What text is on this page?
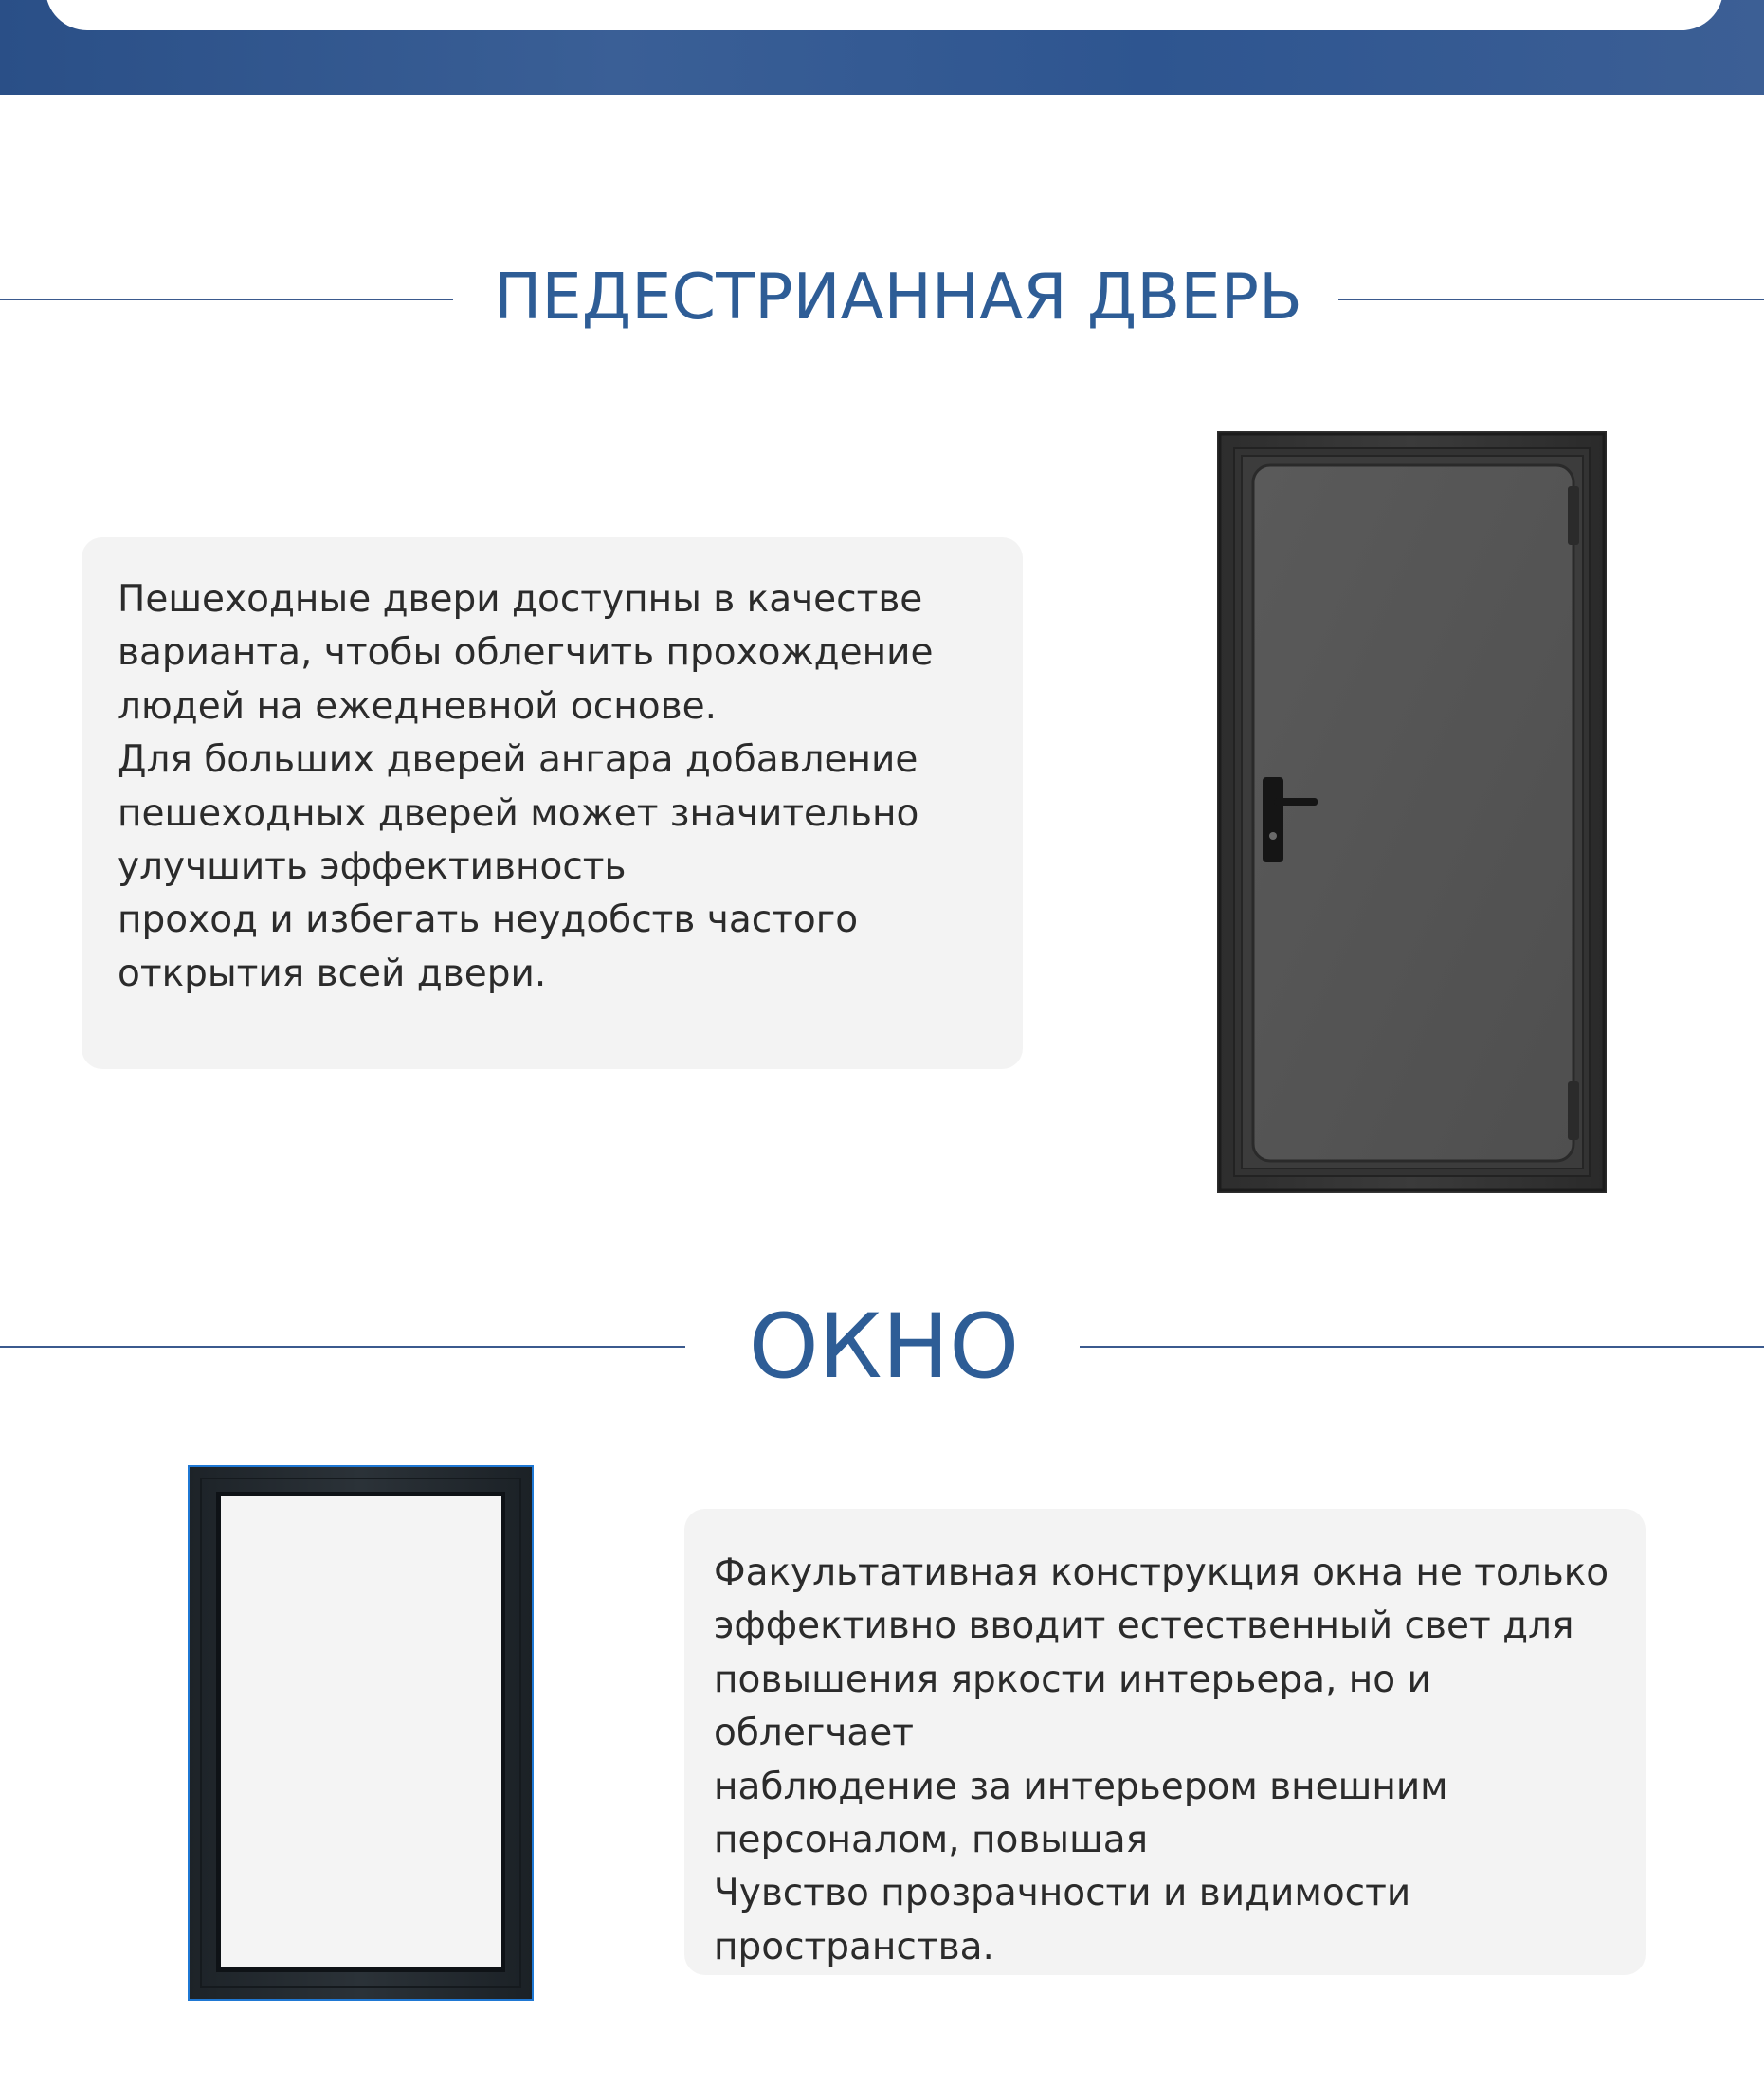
ПЕДЕСТРИАННАЯ ДВЕРЬ

Пешеходные двери доступны в качестве
варианта, чтобы облегчить прохождение
людей на ежедневной основе.
Для больших дверей ангара добавление
пешеходных дверей может значительно
улучшить эффективность
проход и избегать неудобств частого
открытия всей двери.

ОКНО

Факультативная конструкция окна не только
эффективно вводит естественный свет для
повышения яркости интерьера, но и облегчает
наблюдение за интерьером внешним
персоналом, повышая
Чувство прозрачности и видимости
пространства.
